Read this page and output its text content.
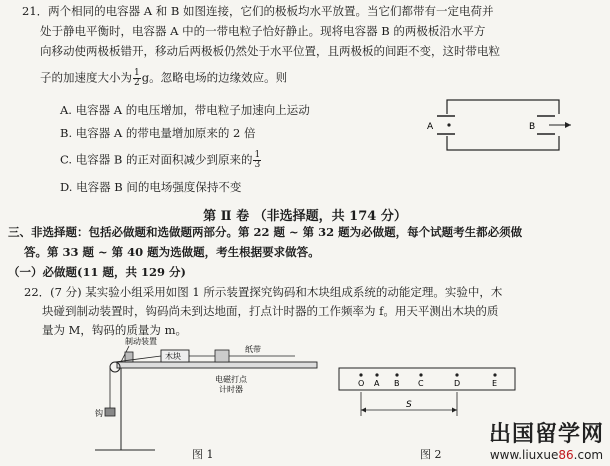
21．两个相同的电容器 A 和 B 如图连接，它们的极板均水平放置。当它们都带有一定电荷并
处于静电平衡时，电容器 A 中的一带电粒子恰好静止。现将电容器 B 的两极板沿水平方
向移动使两极板错开，移动后两极板仍然处于水平位置，且两极板的间距不变，这时带电粒
子的加速度大小为 $\frac{1}{2}$ g。忽略电场的边缘效应。则
A. 电容器 A 的电压增加，带电粒子加速向上运动
B. 电容器 A 的带电量增加原来的 2 倍
C. 电容器 B 的正对面积减少到原来的 $\frac{1}{3}$
D. 电容器 B 间的电场强度保持不变
A	B
第 Ⅱ 卷 （非选择题，共 174 分）
三、非选择题：包括必做题和选做题两部分。第 22 题 ~ 第 32 题为必做题，每个试题考生都必须做
答。第 33 题 ~ 第 40 题为选做题，考生根据要求做答。
（一）必做题(11 题，共 129 分)
22．(7 分) 某实验小组采用如图 1 所示装置探究钩码和木块组成系统的动能定理。实验中，木
块碰到制动装置时，钩码尚未到达地面，打点计时器的工作频率为 f。用天平测出木块的质
量为 M，钩码的质量为 m。
制动装置
木块
纸带
电磁打点
计时器
钩
图 1
O A B C	D	E
S
图 2
出国留学网
www.liuxue86.com
